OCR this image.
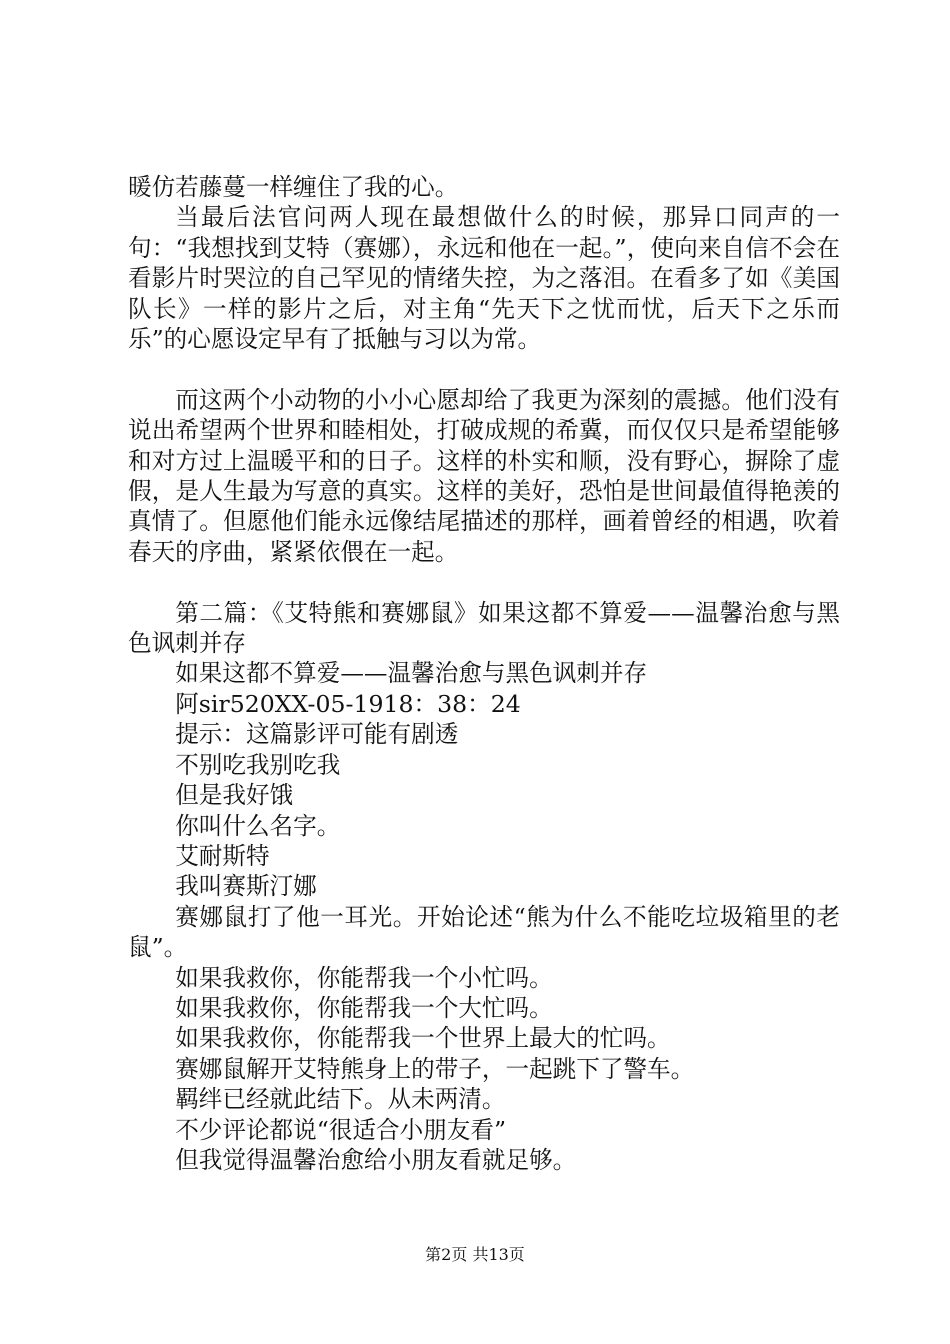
暖仿若藤蔓一样缠住了我的心。

当最后法官问两人现在最想做什么的时候，那异口同声的一句：“我想找到艾特（赛娜），永远和他在一起。”，使向来自信不会在看影片时哭泣的自己罕见的情绪失控，为之落泪。在看多了如《美国队长》一样的影片之后，对主角“先天下之忧而忧，后天下之乐而乐”的心愿设定早有了抵触与习以为常。

而这两个小动物的小小心愿却给了我更为深刻的震撼。他们没有说出希望两个世界和睦相处，打破成规的希冀，而仅仅只是希望能够和对方过上温暖平和的日子。这样的朴实和顺，没有野心，摒除了虚假，是人生最为写意的真实。这样的美好，恐怕是世间最值得艳羡的真情了。但愿他们能永远像结尾描述的那样，画着曾经的相遇，吹着春天的序曲，紧紧依偎在一起。

第二篇：《艾特熊和赛娜鼠》如果这都不算爱——温馨治愈与黑色讽刺并存

如果这都不算爱——温馨治愈与黑色讽刺并存

阿sir520XX-05-1918：38：24

提示：这篇影评可能有剧透

不别吃我别吃我

但是我好饿

你叫什么名字。

艾耐斯特

我叫赛斯汀娜

赛娜鼠打了他一耳光。开始论述“熊为什么不能吃垃圾箱里的老鼠”。

如果我救你，你能帮我一个小忙吗。

如果我救你，你能帮我一个大忙吗。

如果我救你，你能帮我一个世界上最大的忙吗。

赛娜鼠解开艾特熊身上的带子，一起跳下了警车。

羁绊已经就此结下。从未两清。

不少评论都说“很适合小朋友看”

但我觉得温馨治愈给小朋友看就足够。

第2页 共13页
